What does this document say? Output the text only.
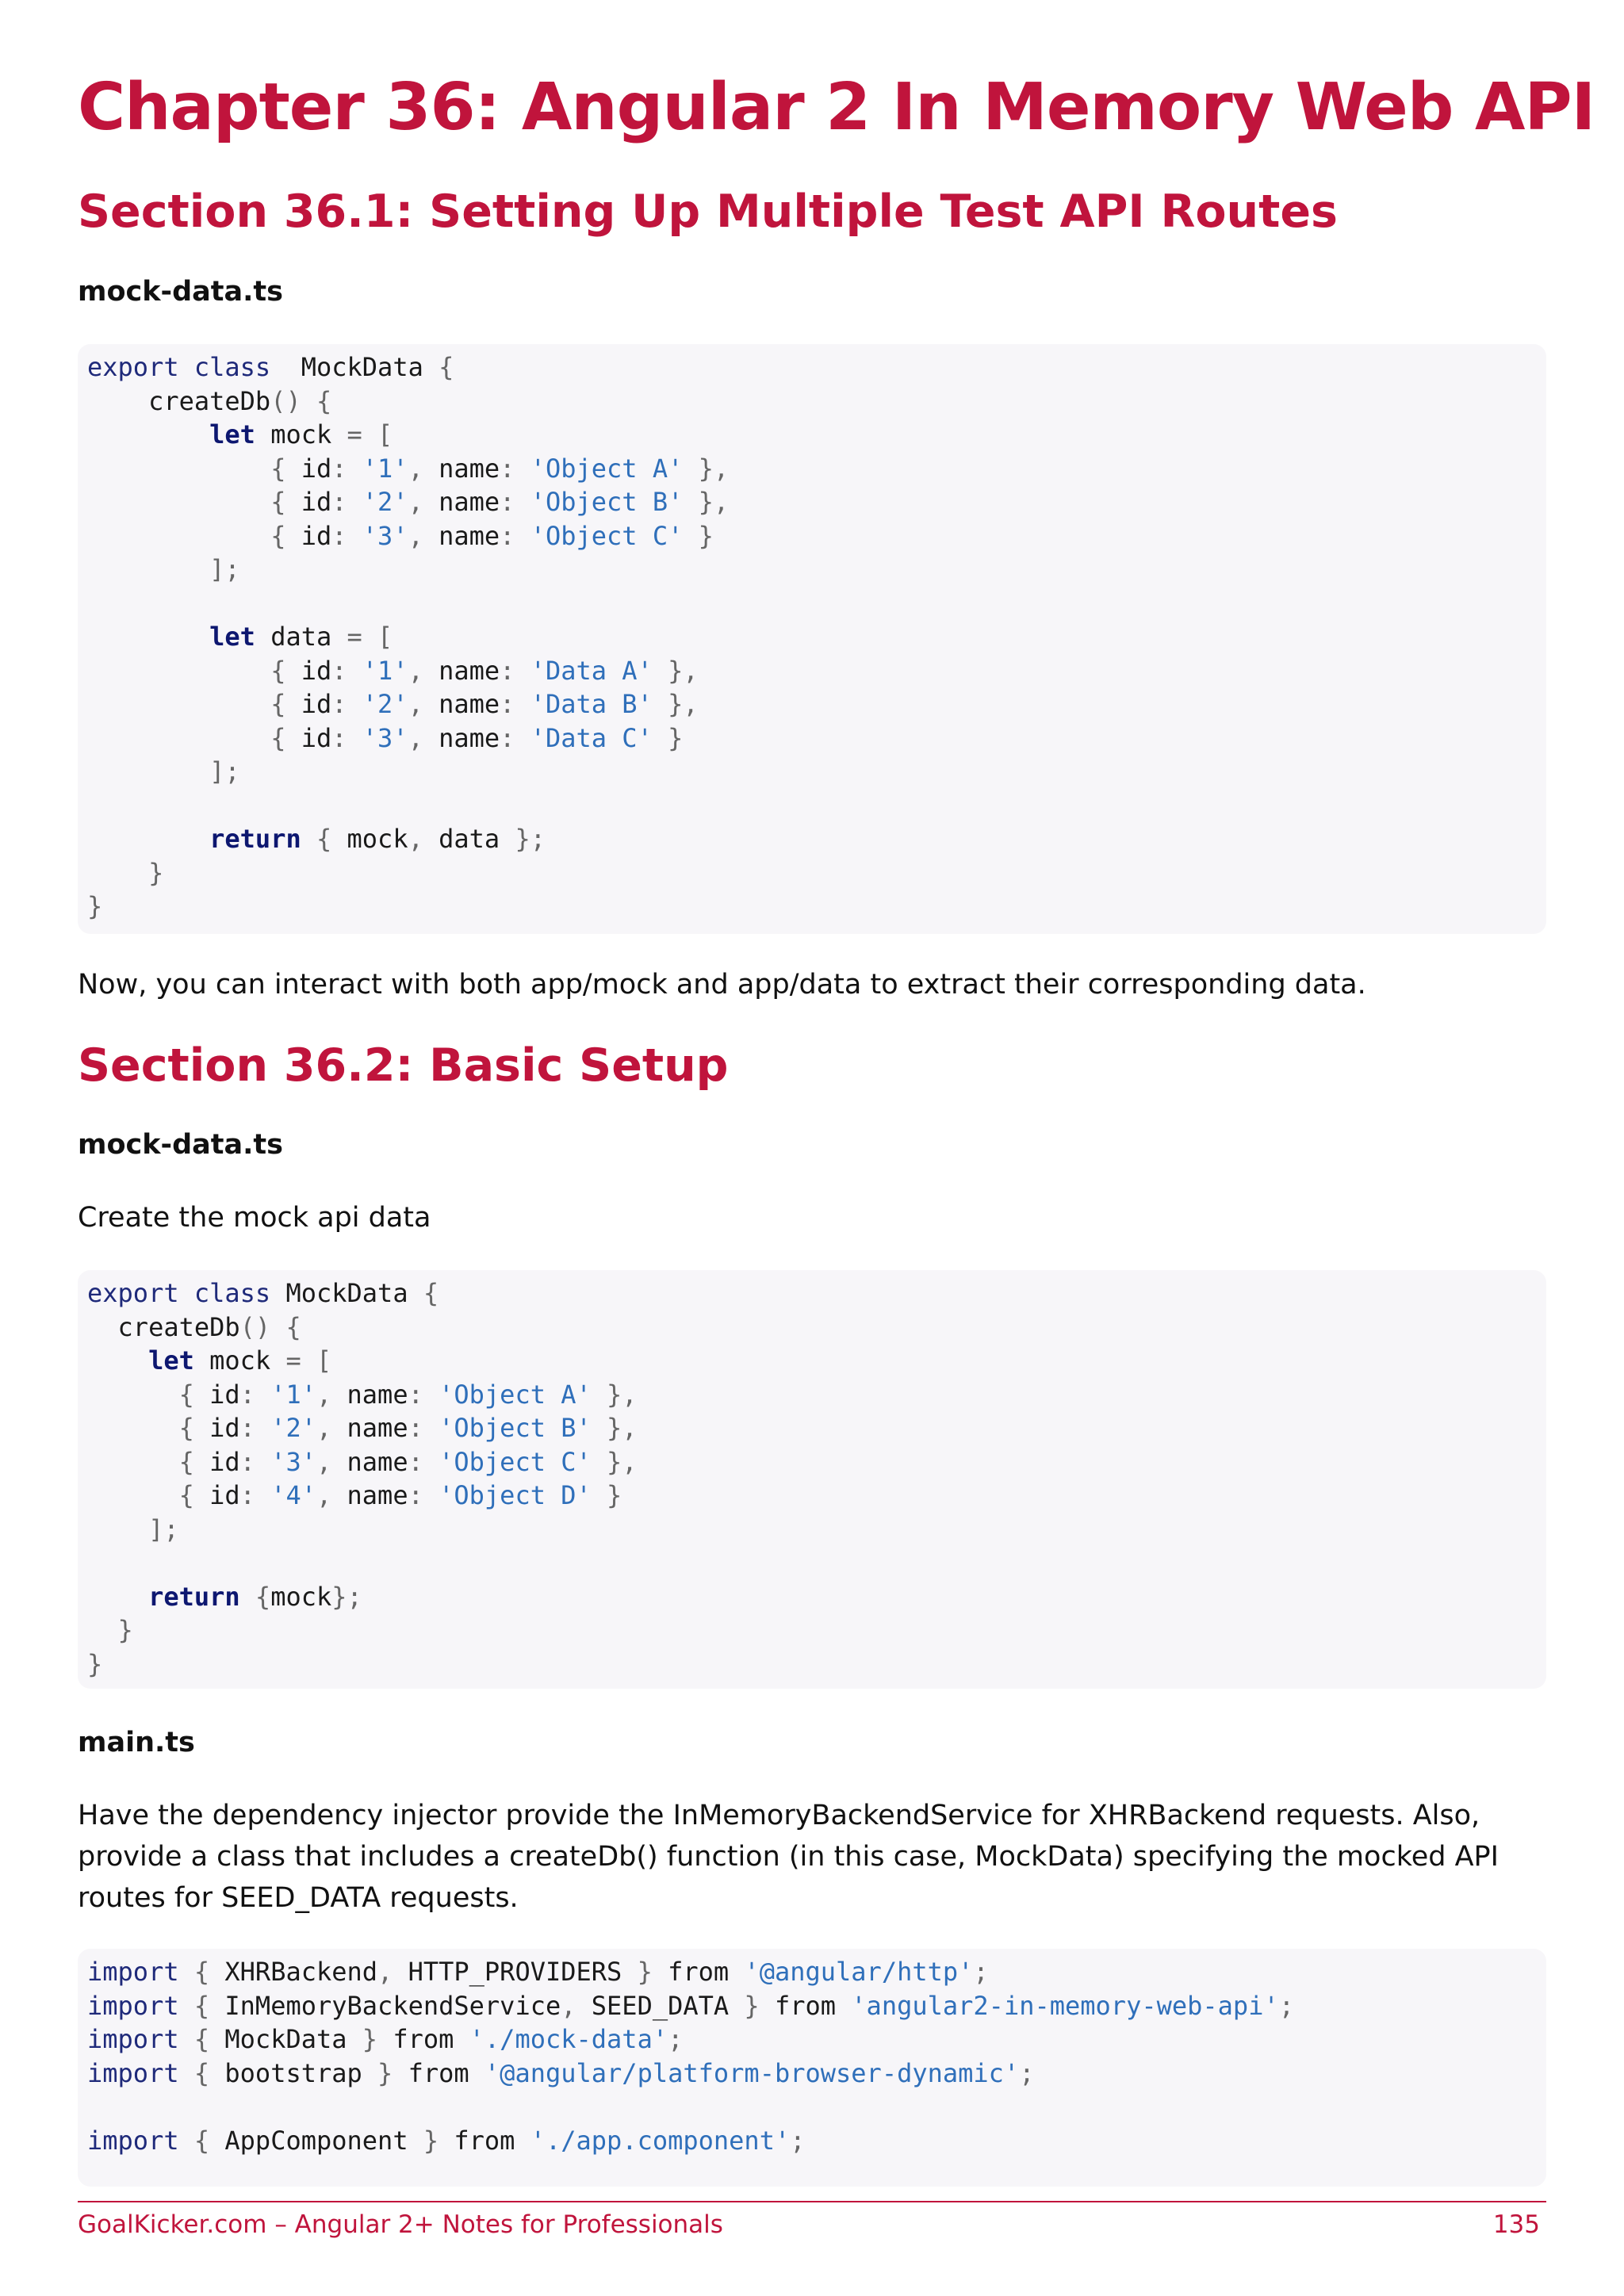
Chapter 36: Angular 2 In Memory Web API
Section 36.1: Setting Up Multiple Test API Routes
mock-data.ts
export class  MockData {
createDb() {
let mock = [
{ id: '1', name: 'Object A' },
{ id: '2', name: 'Object B' },
{ id: '3', name: 'Object C' }
];
let data = [
{ id: '1', name: 'Data A' },
{ id: '2', name: 'Data B' },
{ id: '3', name: 'Data C' }
];
return { mock, data };
}
}
Now, you can interact with both app/mock and app/data to extract their corresponding data.
Section 36.2: Basic Setup
mock-data.ts
Create the mock api data
export class MockData {
createDb() {
let mock = [
{ id: '1', name: 'Object A' },
{ id: '2', name: 'Object B' },
{ id: '3', name: 'Object C' },
{ id: '4', name: 'Object D' }
];
return {mock};
}
}
main.ts
Have the dependency injector provide the InMemoryBackendService for XHRBackend requests. Also, provide a class that includes a createDb() function (in this case, MockData) specifying the mocked API routes for SEED_DATA requests.
import { XHRBackend, HTTP_PROVIDERS } from '@angular/http';
import { InMemoryBackendService, SEED_DATA } from 'angular2-in-memory-web-api';
import { MockData } from './mock-data';
import { bootstrap } from '@angular/platform-browser-dynamic';
import { AppComponent } from './app.component';
GoalKicker.com – Angular 2+ Notes for Professionals	135
